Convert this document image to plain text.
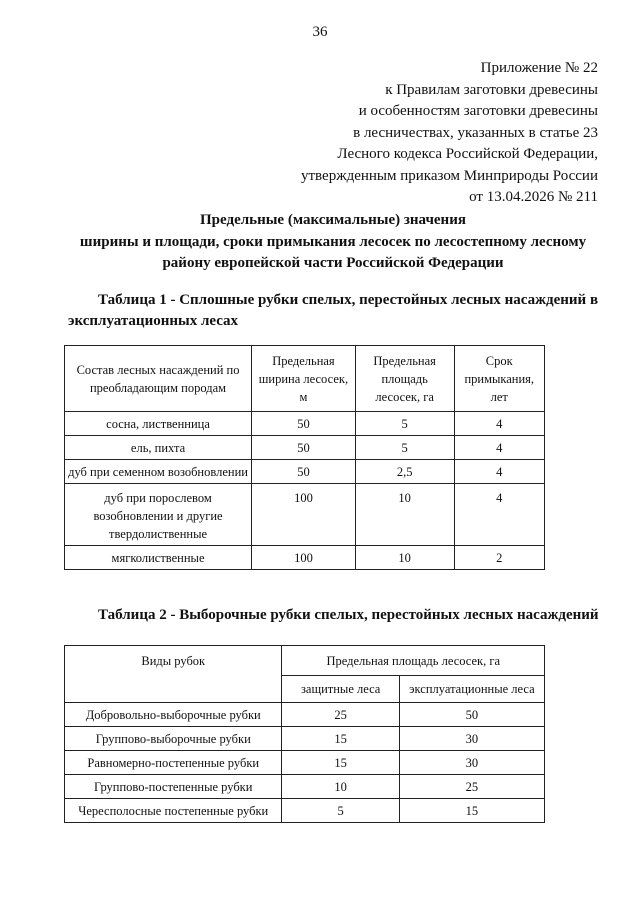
36
Приложение № 22
к Правилам заготовки древесины
и особенностям заготовки древесины
в лесничествах, указанных в статье 23
Лесного кодекса Российской Федерации,
утвержденным приказом Минприроды России
от 13.04.2026 № 211
Предельные (максимальные) значения
ширины и площади, сроки примыкания лесосек по лесостепному лесному
району европейской части Российской Федерации
Таблица 1 - Сплошные рубки спелых, перестойных лесных насаждений в
эксплуатационных лесах
Состав лесных насаждений по преобладающим породам	Предельная ширина лесосек, м	Предельная площадь лесосек, га	Срок примыкания, лет
сосна, лиственница	50	5	4
ель, пихта	50	5	4
дуб при семенном возобновлении	50	2,5	4
дуб при порослевом возобновлении и другие твердолиственные	100	10	4
мягколиственные	100	10	2
Таблица 2 - Выборочные рубки спелых, перестойных лесных насаждений
Виды рубок	Предельная площадь лесосек, га	
	защитные леса	эксплуатационные леса
Добровольно-выборочные рубки	25	50
Группово-выборочные рубки	15	30
Равномерно-постепенные рубки	15	30
Группово-постепенные рубки	10	25
Чересполосные постепенные рубки	5	15
